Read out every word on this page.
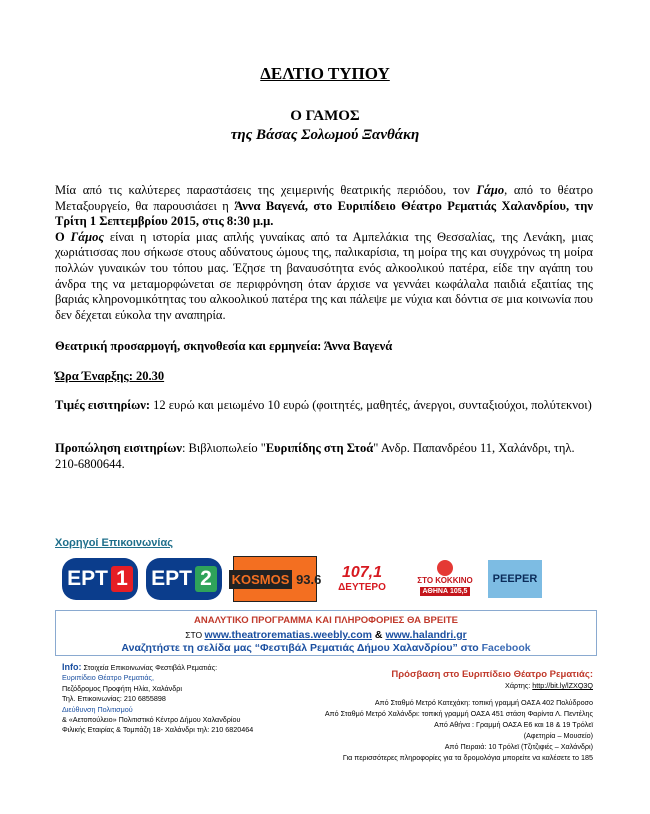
ΔΕΛΤΙΟ ΤΥΠΟΥ
Ο ΓΑΜΟΣ
της Βάσας Σολωμού Ξανθάκη
Μία από τις καλύτερες παραστάσεις της χειμερινής θεατρικής περιόδου, τον Γάμο, από το θέατρο Μεταξουργείο, θα παρουσιάσει η Άννα Βαγενά, στο Ευριπίδειο Θέατρο Ρεματιάς Χαλανδρίου, την Τρίτη 1 Σεπτεμβρίου 2015, στις 8:30 μ.μ.
Ο Γάμος είναι η ιστορία μιας απλής γυναίκας από τα Αμπελάκια της Θεσσαλίας, της Λενάκη, μιας χωριάτισσας που σήκωσε στους αδύνατους ώμους της, παλικαρίσια, τη μοίρα της και συγχρόνως τη μοίρα πολλών γυναικών του τόπου μας. Έζησε τη βαναυσότητα ενός αλκοολικού πατέρα, είδε την αγάπη του άνδρα της να μεταμορφώνεται σε περιφρόνηση όταν άρχισε να γεννάει κωφάλαλα παιδιά εξαιτίας της βαριάς κληρονομικότητας του αλκοολικού πατέρα της και πάλεψε με νύχια και δόντια σε μια κοινωνία που δεν δέχεται εύκολα την αναπηρία.
Θεατρική προσαρμογή, σκηνοθεσία και ερμηνεία: Άννα Βαγενά
Ώρα Έναρξης: 20.30
Τιμές εισιτηρίων: 12 ευρώ και μειωμένο 10 ευρώ (φοιτητές, μαθητές, άνεργοι, συνταξιούχοι, πολύτεκνοι)
Προπώληση εισιτηρίων: Βιβλιοπωλείο "Ευριπίδης στη Στοά" Ανδρ. Παπανδρέου 11, Χαλάνδρι, τηλ. 210-6800644.
Χορηγοί Επικοινωνίας
ΕΡΤ 1 ΕΡΤ 2	KOSMOS
93.6 107,1
ΔΕΥΤΕΡΟ
ΣΤΟ ΚΟΚΚΙΝΟ
ΑΘΗΝΑ 105,5
PEEPER
ΑΝΑΛΥΤΙΚΟ ΠΡΟΓΡΑΜΜΑ ΚΑΙ ΠΛΗΡΟΦΟΡΙΕΣ ΘΑ ΒΡΕΙΤΕ
ΣΤΟ www.theatrorematias.weebly.com & www.halandri.gr
Αναζητήστε τη σελίδα μας “Φεστιβάλ Ρεματιάς Δήμου Χαλανδρίου” στο Facebook
Info: Στοιχεία Επικοινωνίας Φεστιβάλ Ρεματιάς:
Ευριπίδειο Θέατρο Ρεματιάς,
Πεζόδρομος Προφήτη Ηλία, Χαλάνδρι
Τηλ. Επικοινωνίας: 210 6855898
Διεύθυνση Πολιτισμού
& «Αετοπούλειο» Πολιτιστικό Κέντρο Δήμου Χαλανδρίου
Φιλικής Εταιρίας & Τομπάζη 18- Χαλάνδρι τηλ: 210 6820464
Πρόσβαση στο Ευριπίδειο Θέατρο Ρεματιάς:
Χάρτης: http://bit.ly/lZXQ3Q
Από Σταθμό Μετρό Κατεχάκη: τοπική γραμμή ΟΑΣΑ 402 Πολύδροσο
Από Σταθμό Μετρό Χαλάνδρι: τοπική γραμμή ΟΑΣΑ 451 στάση Φαρίντα Λ. Πεντέλης
Από Αθήνα : Γραμμή ΟΑΣΑ Ε6 και 18 & 19 Τρόλεϊ
(Αφετηρία – Μουσείο)
Από Πειραιά: 10 Τρόλεϊ (Τζιτζιφιές – Χαλάνδρι)
Για περισσότερες πληροφορίες για τα δρομολόγια μπορείτε να καλέσετε το 185
